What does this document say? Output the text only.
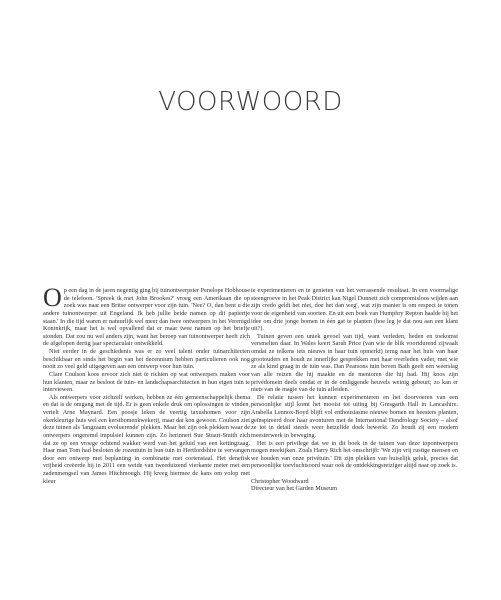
VOORWOORD

Op een dag in de jaren negentig ging bij tuinontwerpster Penelope Hobhouse de telefoon. 'Spreek ik met John Brookes?' vroeg een Amerikaan die op zoek was naar een Britse ontwerper voor zijn tuin. 'Nee? O, dan bent u die andere tuinontwerper uit Engeland. Ik heb jullie beide namen op dit papiertje staan.' In die tijd waren er natuurlijk wel meer dan twee ontwerpers in het Verenigd Koninkrijk, maar het is wel opvallend dat er maar twee namen op het briefje stonden. Dat zou nu wel anders zijn, want het beroep van tuinontwerper heeft zich de afgelopen dertig jaar spectaculair ontwikkeld.

Niet eerder in de geschiedenis was er zo veel talent onder tuinarchitecten beschikbaar en sinds het begin van het decennium hebben particulieren ook nog nooit zo veel geld uitgegeven aan een ontwerp voor hun tuin.

Clare Coulson koos ervoor zich niet te richten op wat ontwerpers maken voor hun klanten, maar ze besloot de tuin- en landschapsarchitecten in hun eigen tuin te interviewen.

Als ontwerpers voor zichzelf werken, hebben ze één gemeenschappelijk thema en dat is de omgang met de tijd. Er is geen enkele druk om oplossingen te vinden, vertelt Arne Maynard. Een poosje leken de veertig taxushomen voor zijn okerkleurige huis wel een kerstbomenkwekerij, maar dat kon gewoon. Coulson ziet deze tuinen als 'langzaam evoluerende' plekken. Maar het zijn ook plekken waar de ontwerpers ongeremd impulsief kunnen zijn. Zo herinnert Sue Stuart-Smith zich dat ze op een vroege ochtend wakker werd van het geluid van een kettingzaag. Haar man Tom had besloten de rozentuin in hun tuin in Hertfordshire te vervangen door een ontwerp met beplanting in combinatie met cortenstaal. Het denefisk vrijheid creëerde hij in 2011 een weide van tweeduizend vierkante meter met een zadenmengsel van James Hitchmough. Hij kreeg hiermee de kans om volop met kleur

te experimenteren en te genieten van het verrassende resultaat. In een voormalige steengroeve in het Peak District kan Nigel Dunnett zich compromisloos wijden aan zijn credo geldt het niet, doe het dan weg', wat zijn manier is om respect te tonen voor de eigenheid van soorten. En uit een boek van Humphry Repton haalde hij het idee om drie jonge bomen in één gat te planten (hoe leg je dat nou aan een klant uit?).

Tuinen geven een uniek gevoel van tijd, want verleden, heden en toekomst versmelten daar. In Wales keert Sarah Price (van wie de blik voortdurend zijwaalt omdat ze telkens iets nieuws in haar tuin opmerkt) terug naar het huis van haar grootouders en houdt ze innerlijke gesprekken met haar overleden vader, met wie ze als kind graag in de tuin was. Dan Pearsons tuin boven Bath geeft een weerslag van alle reizen die hij maakte en de mentoren die hij had. Hij koos zijn privédomein deels omdat er in de omliggende heuvels weinig gebeurt; zo kan er niets van de magie van de tuin afleiden.

De relatie tussen het kunnen experimenteren en het doorvoeren van een persoonlijke stijl komt het mooist tot uiting bij Gresgarth Hall in Lancashire. Arabella Lennox-Boyd blijft vol enthousiasme nieuwe bomen en heesters planten, geïnspireerd door haar avonturen met de International Dendrology Society – alsof ze tot in detail steeds weer hetzelfde doek bewerkt. Zo houdt zij een modern meesterwerk in beweging.

Het is een privilege dat we in dit boek in de tuinen van deze topontwerpers mogen meekijken. Zoals Harry Rich het omschrijft: 'We zijn vrij rustige mensen en we houden van onze privétuin.' Dit zijn plekken van huiselijk geluk, precies dat persoonlijke toevluchtsoord waar ook de ontdekkingsreiziger altijd naar op zoek is.

Christopher Woodward

Directeur van het Garden Museum
